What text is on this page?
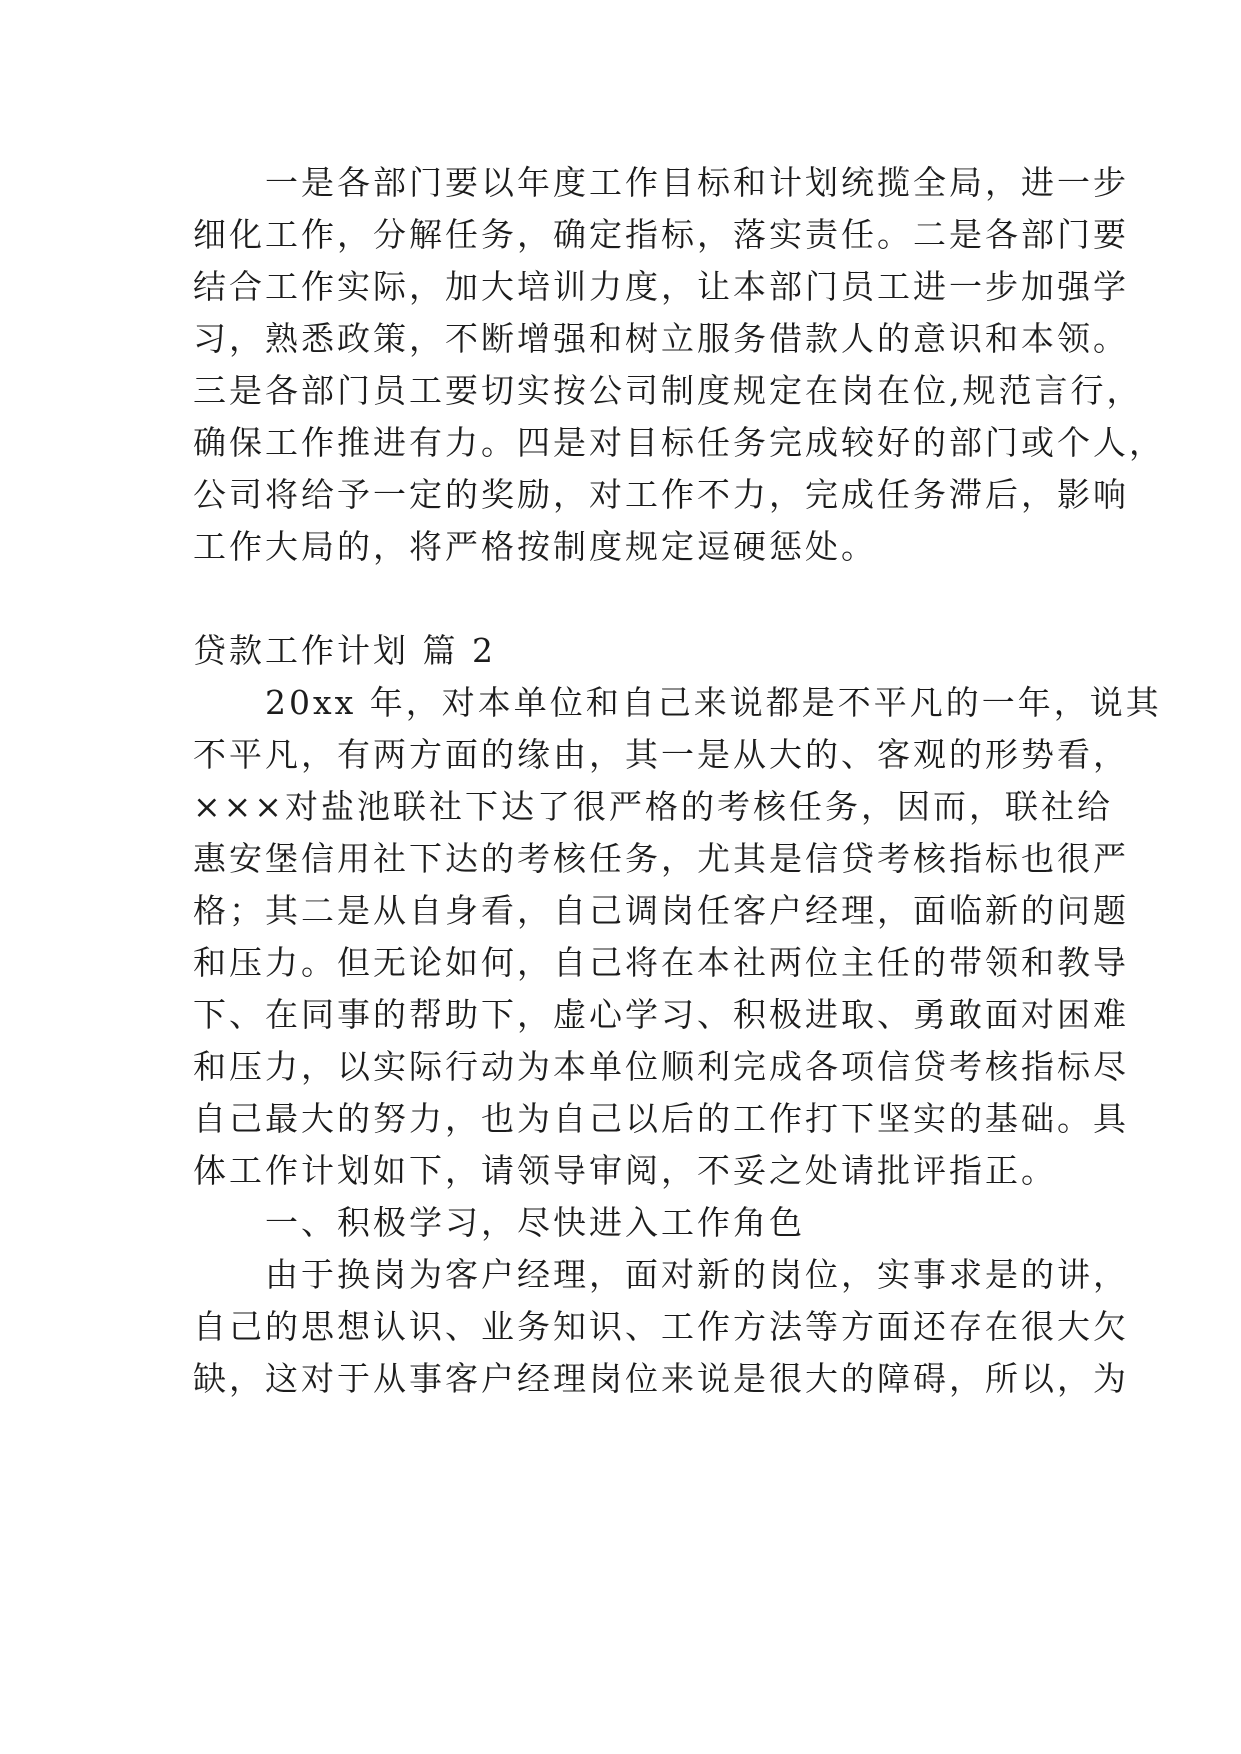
　　一是各部门要以年度工作目标和计划统揽全局，进一步
细化工作，分解任务，确定指标，落实责任。二是各部门要
结合工作实际，加大培训力度，让本部门员工进一步加强学
习，熟悉政策，不断增强和树立服务借款人的意识和本领。
三是各部门员工要切实按公司制度规定在岗在位,规范言行，
确保工作推进有力。四是对目标任务完成较好的部门或个人，
公司将给予一定的奖励，对工作不力，完成任务滞后，影响
工作大局的，将严格按制度规定逗硬惩处。
贷款工作计划 篇 2
　　20xx 年，对本单位和自己来说都是不平凡的一年，说其
不平凡，有两方面的缘由，其一是从大的、客观的形势看，
×××对盐池联社下达了很严格的考核任务，因而，联社给
惠安堡信用社下达的考核任务，尤其是信贷考核指标也很严
格；其二是从自身看，自己调岗任客户经理，面临新的问题
和压力。但无论如何，自己将在本社两位主任的带领和教导
下、在同事的帮助下，虚心学习、积极进取、勇敢面对困难
和压力，以实际行动为本单位顺利完成各项信贷考核指标尽
自己最大的努力，也为自己以后的工作打下坚实的基础。具
体工作计划如下，请领导审阅，不妥之处请批评指正。
　　一、积极学习，尽快进入工作角色
　　由于换岗为客户经理，面对新的岗位，实事求是的讲，
自己的思想认识、业务知识、工作方法等方面还存在很大欠
缺，这对于从事客户经理岗位来说是很大的障碍，所以，为
